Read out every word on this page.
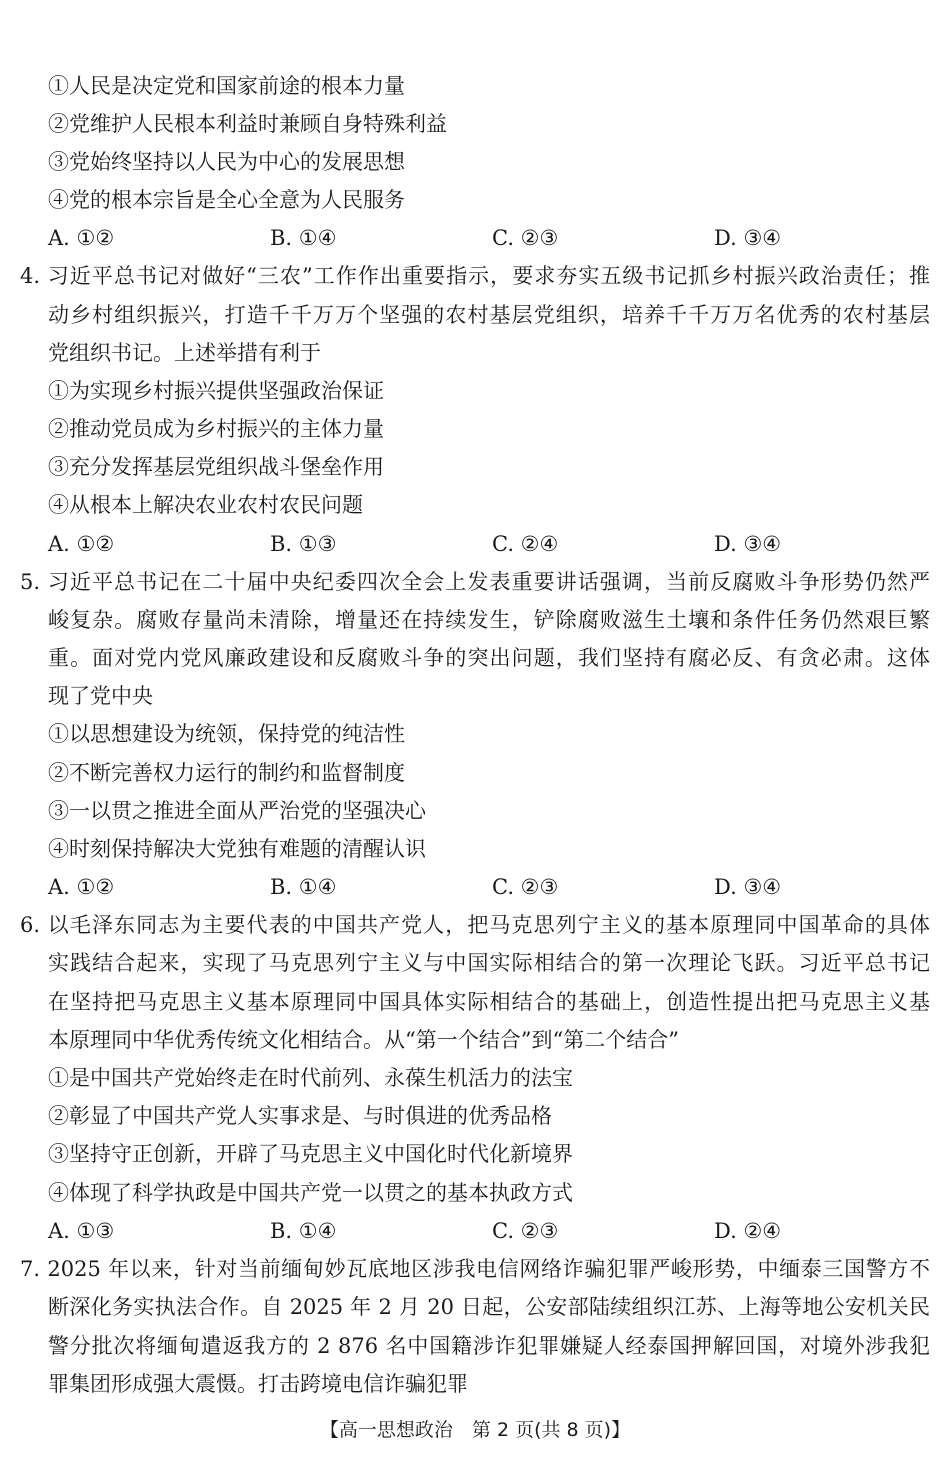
①人民是决定党和国家前途的根本力量
②党维护人民根本利益时兼顾自身特殊利益
③党始终坚持以人民为中心的发展思想
④党的根本宗旨是全心全意为人民服务
A. ①②	B. ①④	C. ②③	D. ③④
4. 习近平总书记对做好“三农”工作作出重要指示，要求夯实五级书记抓乡村振兴政治责任；推
动乡村组织振兴，打造千千万万个坚强的农村基层党组织，培养千千万万名优秀的农村基层
党组织书记。上述举措有利于
①为实现乡村振兴提供坚强政治保证
②推动党员成为乡村振兴的主体力量
③充分发挥基层党组织战斗堡垒作用
④从根本上解决农业农村农民问题
A. ①②	B. ①③	C. ②④	D. ③④
5. 习近平总书记在二十届中央纪委四次全会上发表重要讲话强调，当前反腐败斗争形势仍然严
峻复杂。腐败存量尚未清除，增量还在持续发生，铲除腐败滋生土壤和条件任务仍然艰巨繁
重。面对党内党风廉政建设和反腐败斗争的突出问题，我们坚持有腐必反、有贪必肃。这体
现了党中央
①以思想建设为统领，保持党的纯洁性
②不断完善权力运行的制约和监督制度
③一以贯之推进全面从严治党的坚强决心
④时刻保持解决大党独有难题的清醒认识
A. ①②	B. ①④	C. ②③	D. ③④
6. 以毛泽东同志为主要代表的中国共产党人，把马克思列宁主义的基本原理同中国革命的具体
实践结合起来，实现了马克思列宁主义与中国实际相结合的第一次理论飞跃。习近平总书记
在坚持把马克思主义基本原理同中国具体实际相结合的基础上，创造性提出把马克思主义基
本原理同中华优秀传统文化相结合。从“第一个结合”到“第二个结合”
①是中国共产党始终走在时代前列、永葆生机活力的法宝
②彰显了中国共产党人实事求是、与时俱进的优秀品格
③坚持守正创新，开辟了马克思主义中国化时代化新境界
④体现了科学执政是中国共产党一以贯之的基本执政方式
A. ①③	B. ①④	C. ②③	D. ②④
7. 2025 年以来，针对当前缅甸妙瓦底地区涉我电信网络诈骗犯罪严峻形势，中缅泰三国警方不
断深化务实执法合作。自 2025 年 2 月 20 日起，公安部陆续组织江苏、上海等地公安机关民
警分批次将缅甸遣返我方的 2 876 名中国籍涉诈犯罪嫌疑人经泰国押解回国，对境外涉我犯
罪集团形成强大震慑。打击跨境电信诈骗犯罪
【高一思想政治　第 2 页(共 8 页)】
